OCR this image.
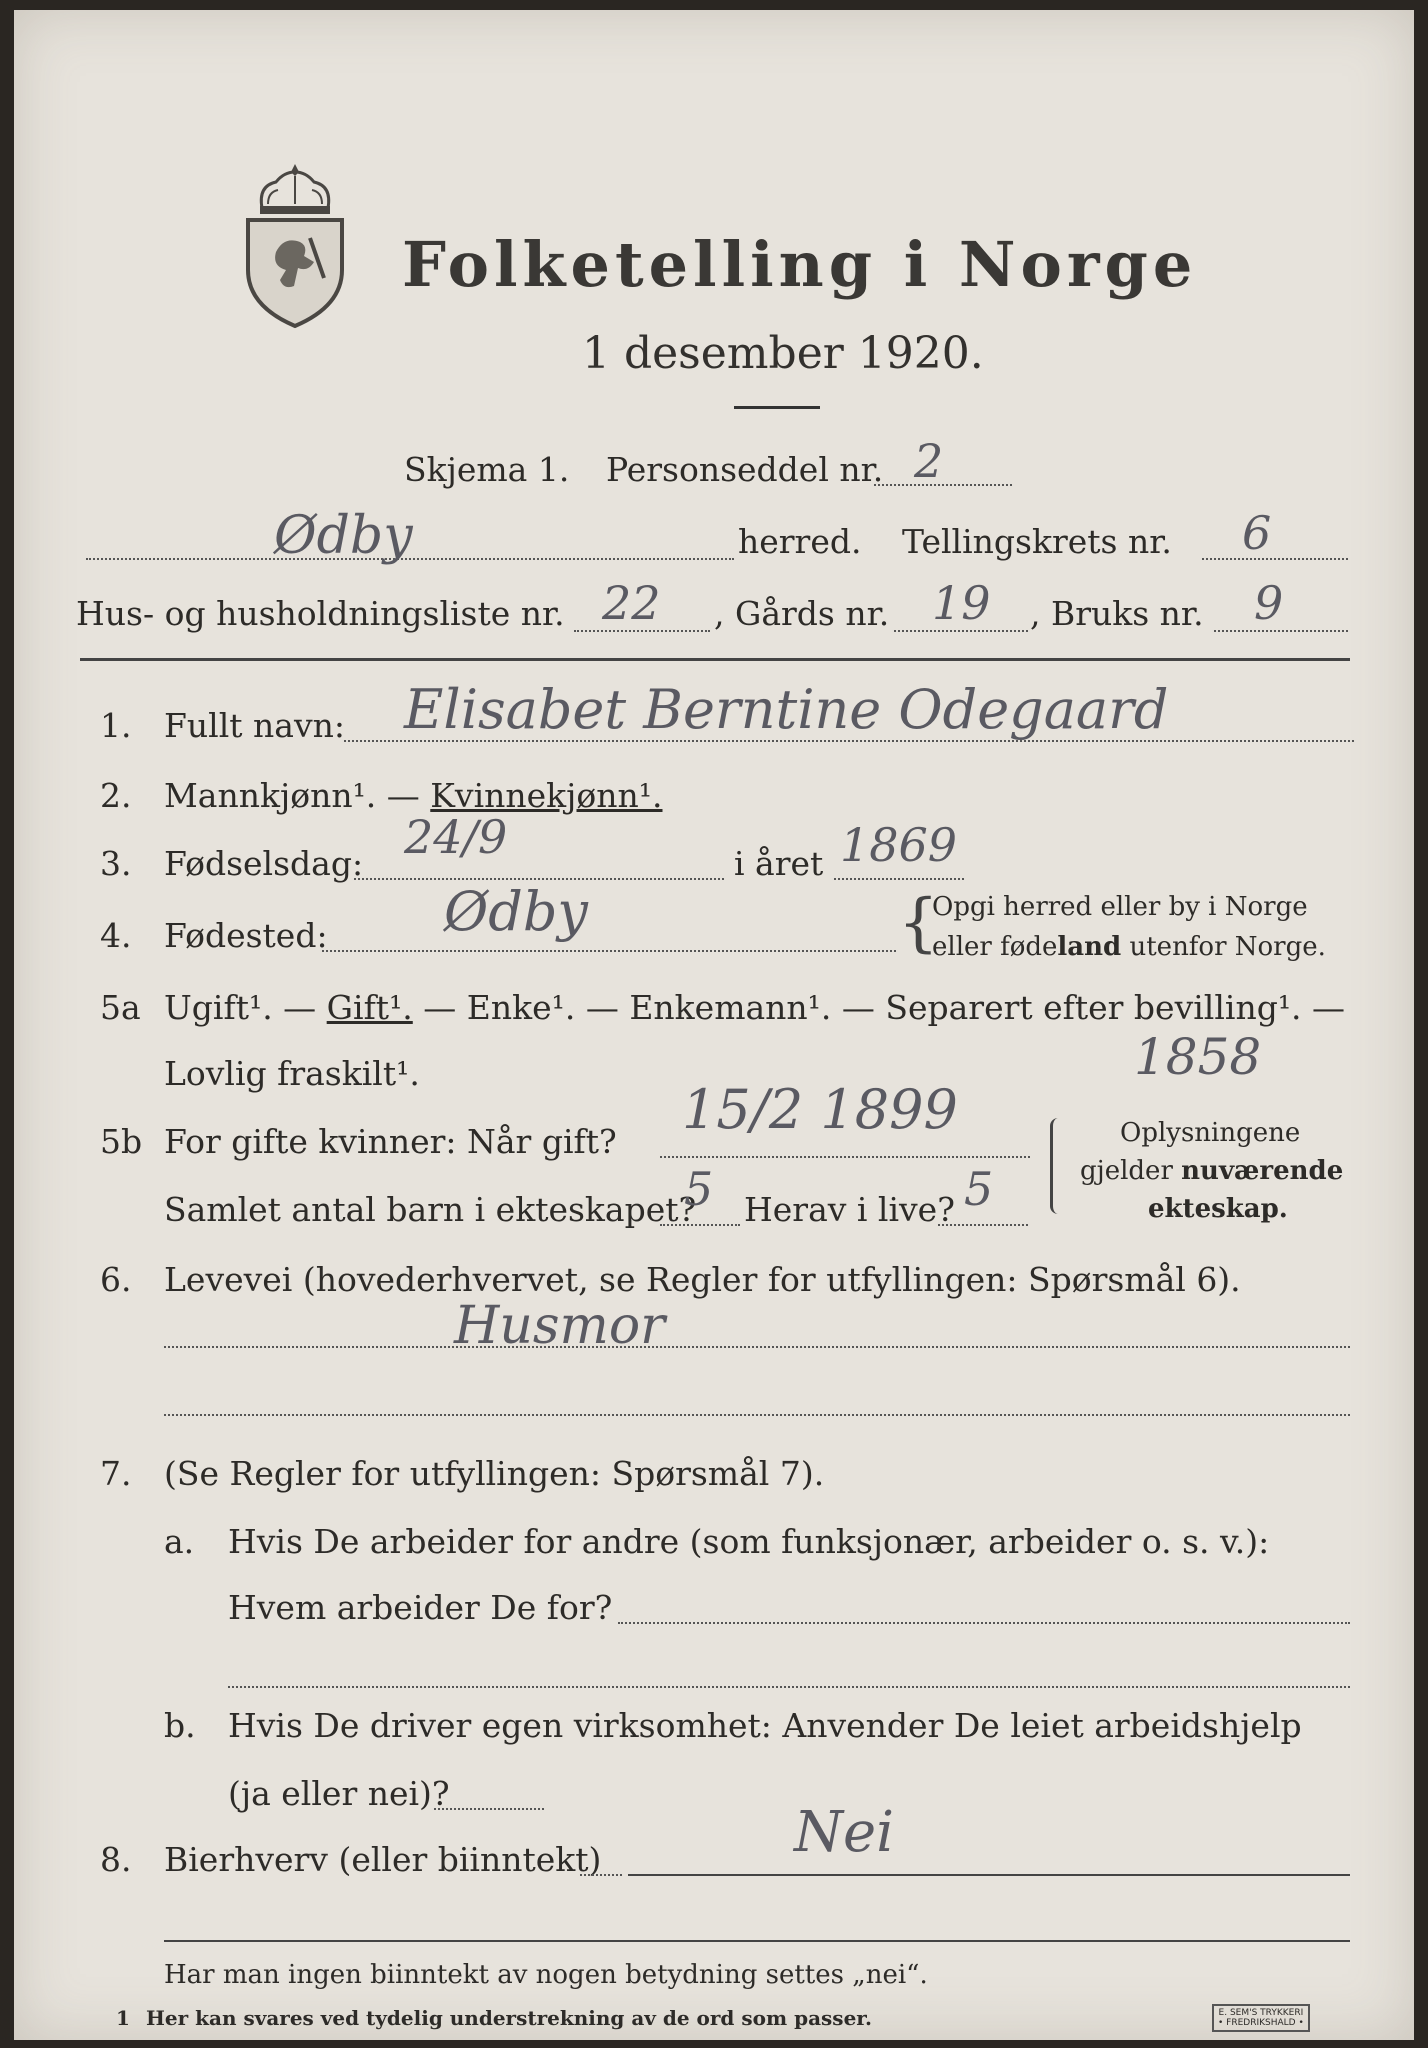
Folketelling i Norge
1 desember 1920.
Skjema 1. Personseddel nr. 2
Ødby	herred. Tellingskrets nr. 6
Hus- og husholdningsliste nr. 22 , Gårds nr. 19 , Bruks nr. 9
1. Fullt navn: Elisabet Berntine Odegaard
2. Mannkjønn¹. — Kvinnekjønn¹.
3. Fødselsdag: 24/9	i året 1869
4. Fødested: Ødby	{
Opgi herred eller by i Norge
eller fødeland utenfor Norge.
5a Ugift¹. — Gift¹. — Enke¹. — Enkemann¹. — Separert efter bevilling¹. —
Lovlig fraskilt¹.	1858
5b For gifte kvinner: Når gift?
15/2 1899
Samlet antal barn i ekteskapet?
5 Herav i live? 5
Oplysningene
gjelder nuværende
ekteskap.
6. Levevei (hovederhvervet, se Regler for utfyllingen: Spørsmål 6).
Husmor
7. (Se Regler for utfyllingen: Spørsmål 7).
a. Hvis De arbeider for andre (som funksjonær, arbeider o. s. v.):
Hvem arbeider De for?
b. Hvis De driver egen virksomhet: Anvender De leiet arbeidshjelp
(ja eller nei)?
8. Bierhverv (eller biinntekt)	Nei
Har man ingen biinntekt av nogen betydning settes „nei“.
1 Her kan svares ved tydelig understrekning av de ord som passer.	E. SEM'S TRYKKERI
• FREDRIKSHALD •
